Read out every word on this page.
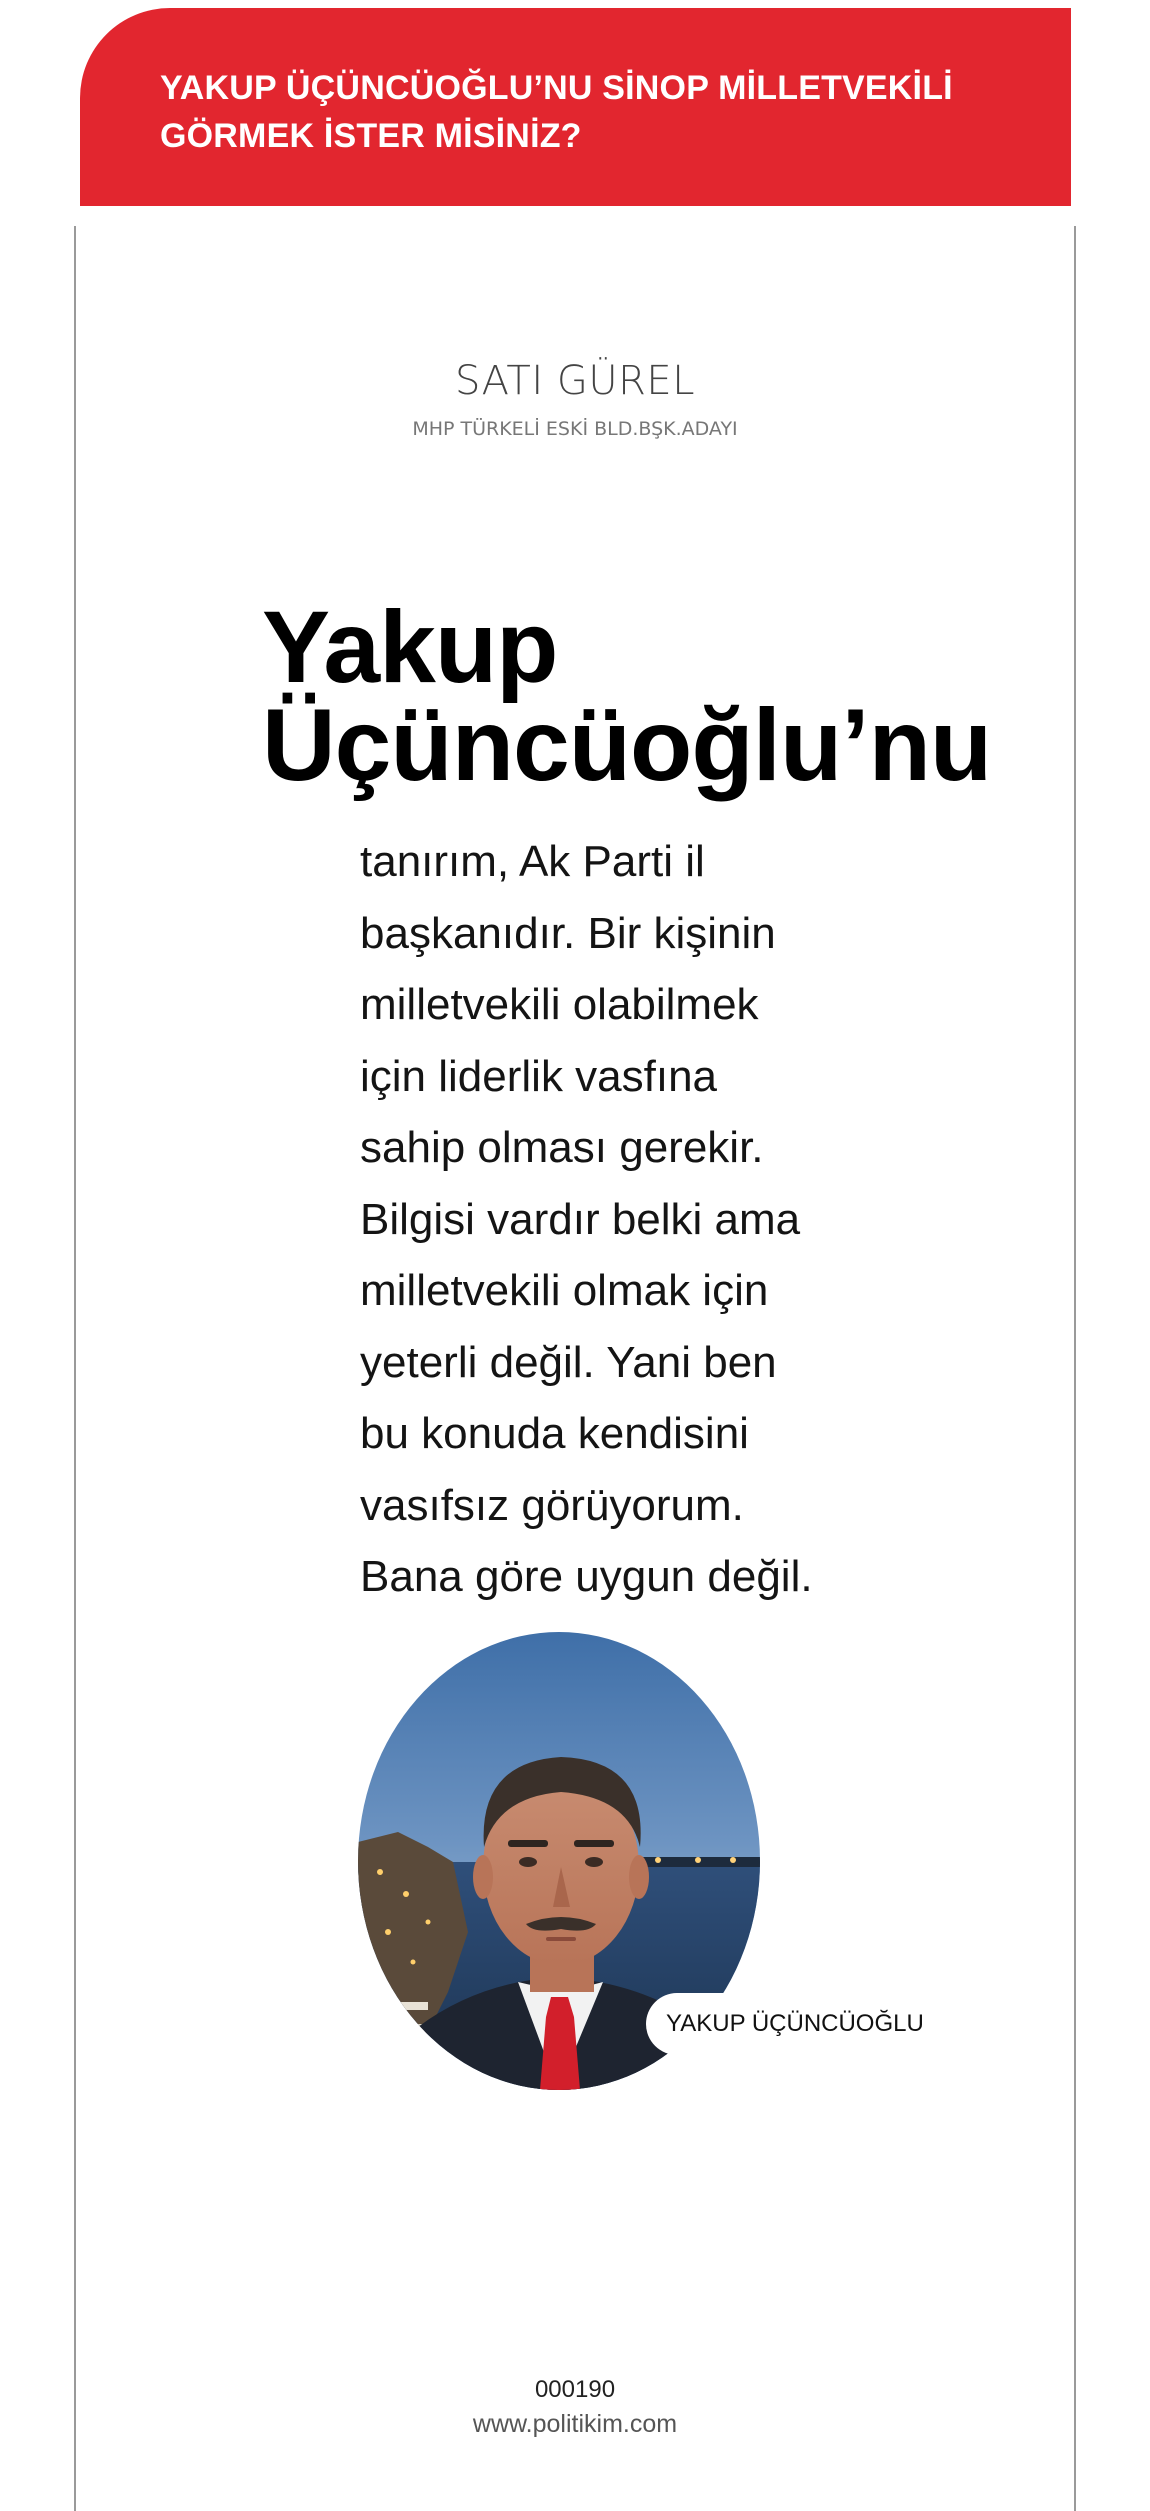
YAKUP ÜÇÜNCÜOĞLU’NU SİNOP MİLLETVEKİLİ
GÖRMEK İSTER MİSİNİZ?
SATI GÜREL
MHP TÜRKELİ ESKİ BLD.BŞK.ADAYI
Yakup
Üçüncüoğlu’nu
tanırım, Ak Parti il
başkanıdır. Bir kişinin
milletvekili olabilmek
için liderlik vasfına
sahip olması gerekir.
Bilgisi vardır belki ama
milletvekili olmak için
yeterli değil. Yani ben
bu konuda kendisini
vasıfsız görüyorum.
Bana göre uygun değil.
YAKUP ÜÇÜNCÜOĞLU
000190
www.politikim.com
